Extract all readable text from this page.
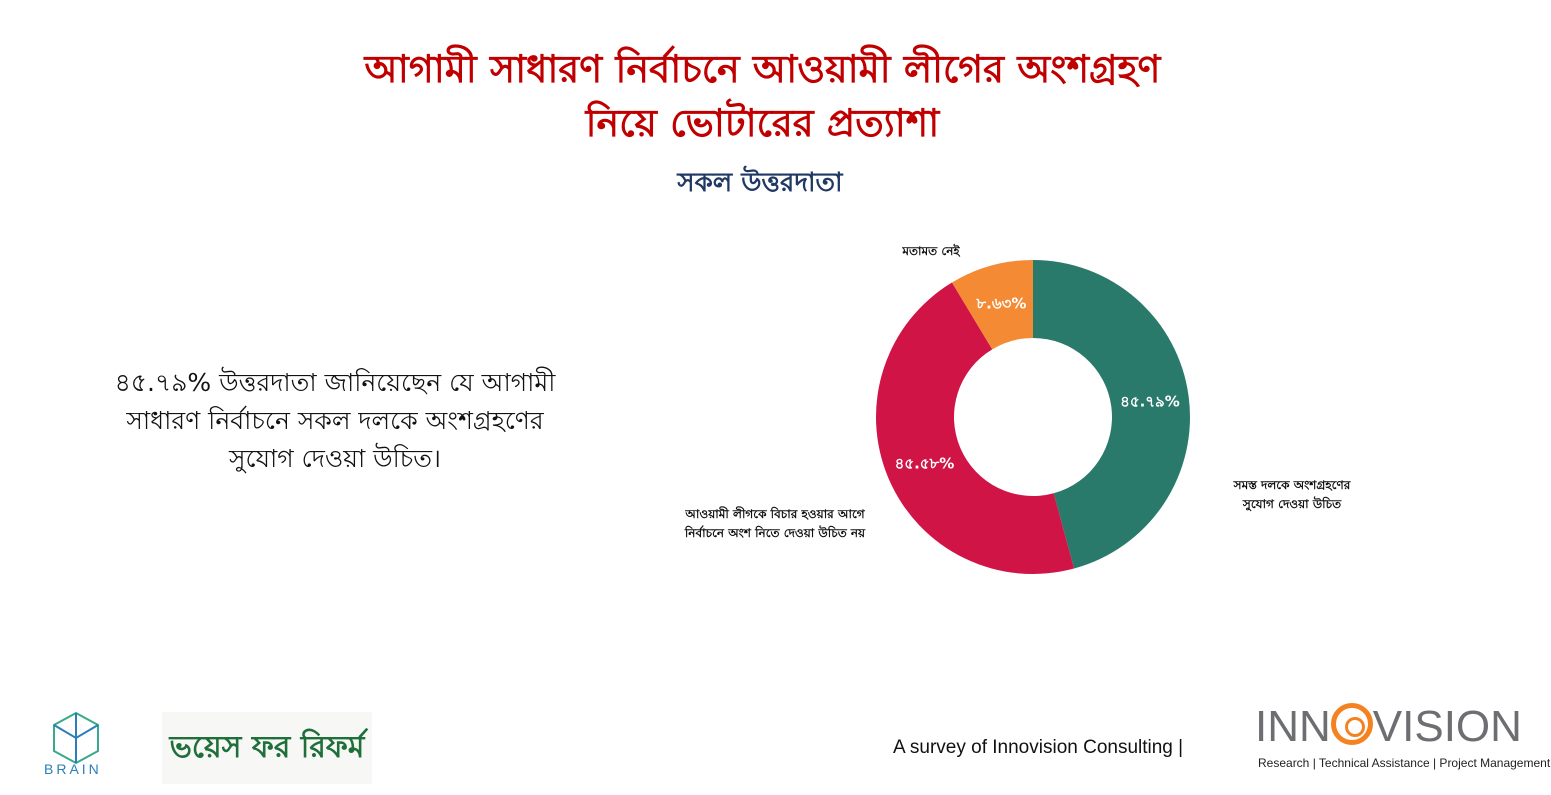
আগামী সাধারণ নির্বাচনে আওয়ামী লীগের অংশগ্রহণ
নিয়ে ভোটারের প্রত্যাশা
সকল উত্তরদাতা
৪৫.৭৯% উত্তরদাতা জানিয়েছেন যে আগামী সাধারণ নির্বাচনে সকল দলকে অংশগ্রহণের সুযোগ দেওয়া উচিত।
৪৫.৭৯%
সমস্ত দলকে অংশগ্রহণের সুযোগ দেওয়া উচিত
৪৫.৫৮%
আওয়ামী লীগকে বিচার হওয়ার আগে নির্বাচনে অংশ নিতে দেওয়া উচিত নয়
৮.৬৩%
মতামত নেই
BRAIN
ভয়েস ফর রিফর্ম	A survey of Innovision Consulting | INN VISION
Research | Technical Assistance | Project Management
